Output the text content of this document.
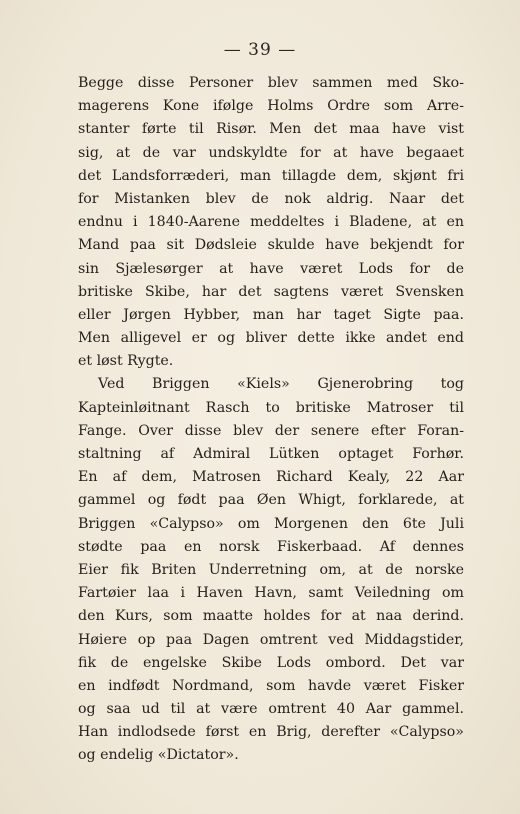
— 39 —
Begge disse Personer blev sammen med Sko-
magerens Kone ifølge Holms Ordre som Arre-
stanter førte til Risør. Men det maa have vist
sig, at de var undskyldte for at have begaaet
det Landsforræderi, man tillagde dem, skjønt fri
for Mistanken blev de nok aldrig. Naar det
endnu i 1840-Aarene meddeltes i Bladene, at en
Mand paa sit Dødsleie skulde have bekjendt for
sin Sjælesørger at have været Lods for de
britiske Skibe, har det sagtens været Svensken
eller Jørgen Hybber, man har taget Sigte paa.
Men alligevel er og bliver dette ikke andet end
et løst Rygte.
Ved Briggen «Kiels» Gjenerobring tog
Kapteinløitnant Rasch to britiske Matroser til
Fange. Over disse blev der senere efter Foran-
staltning af Admiral Lütken optaget Forhør.
En af dem, Matrosen Richard Kealy, 22 Aar
gammel og født paa Øen Whigt, forklarede, at
Briggen «Calypso» om Morgenen den 6te Juli
stødte paa en norsk Fiskerbaad. Af dennes
Eier fik Briten Underretning om, at de norske
Fartøier laa i Haven Havn, samt Veiledning om
den Kurs, som maatte holdes for at naa derind.
Høiere op paa Dagen omtrent ved Middagstider,
fik de engelske Skibe Lods ombord. Det var
en indfødt Nordmand, som havde været Fisker
og saa ud til at være omtrent 40 Aar gammel.
Han indlodsede først en Brig, derefter «Calypso»
og endelig «Dictator».
